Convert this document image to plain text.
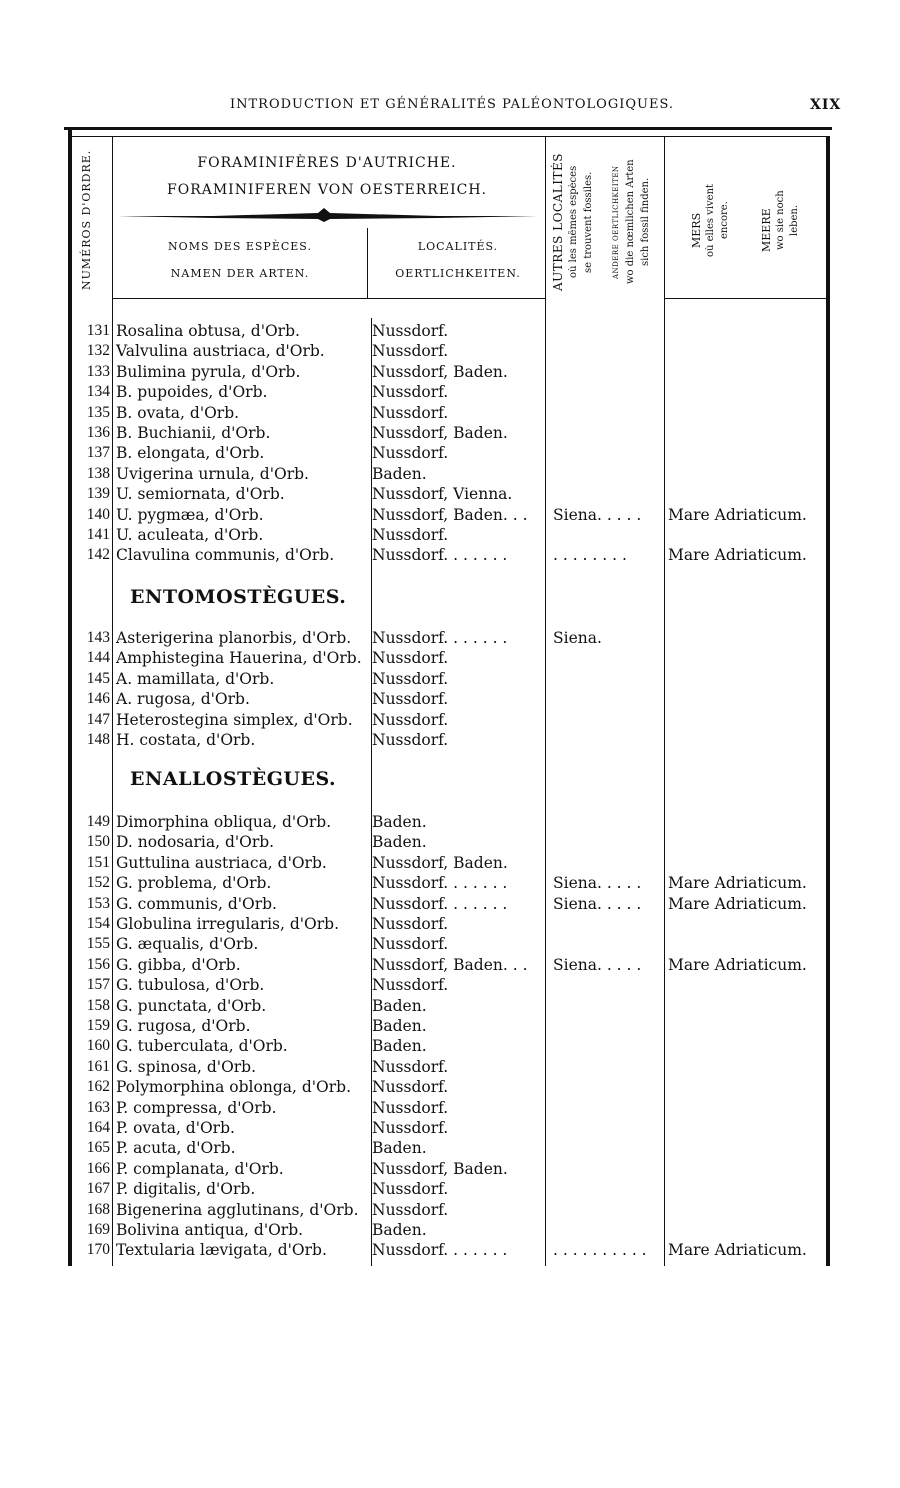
INTRODUCTION ET GÉNÉRALITÉS PALÉONTOLOGIQUES.	XIX
NUMÉROS D'ORDRE.	FORAMINIFÈRES D'AUTRICHE.
FORAMINIFEREN VON OESTERREICH.
NOMS DES ESPÈCES.
NAMEN DER ARTEN.
LOCALITÉS.
OERTLICHKEITEN.	AUTRES LOCALITÉS où les mêmes espèces se trouvent fossiles.	ANDERE OERTLICHKEITEN wo die nœmlichen Arten sich fossil finden.	MERS où elles vivent encore.	MEERE wo sie noch leben.
ENTOMOSTÈGUES.
ENALLOSTÈGUES.
131 Rosalina obtusa, d'Orb.	Nussdorf.
132 Valvulina austriaca, d'Orb.	Nussdorf.
133 Bulimina pyrula, d'Orb.	Nussdorf, Baden.
134 B. pupoides, d'Orb.	Nussdorf.
135 B. ovata, d'Orb.	Nussdorf.
136 B. Buchianii, d'Orb.	Nussdorf, Baden.
137 B. elongata, d'Orb.	Nussdorf.
138 Uvigerina urnula, d'Orb.	Baden.
139 U. semiornata, d'Orb.	Nussdorf, Vienna.
140 U. pygmæa, d'Orb.	Nussdorf, Baden. . .	Siena. . . . .	Mare Adriaticum.
141 U. aculeata, d'Orb.	Nussdorf.
142 Clavulina communis, d'Orb.	Nussdorf. . . . . . .	. . . . . . . .	Mare Adriaticum.
143 Asterigerina planorbis, d'Orb.	Nussdorf. . . . . . .	Siena.
144 Amphistegina Hauerina, d'Orb. Nussdorf.
145 A. mamillata, d'Orb.	Nussdorf.
146 A. rugosa, d'Orb.	Nussdorf.
147 Heterostegina simplex, d'Orb.	Nussdorf.
148 H. costata, d'Orb.	Nussdorf.
149 Dimorphina obliqua, d'Orb.	Baden.
150 D. nodosaria, d'Orb.	Baden.
151 Guttulina austriaca, d'Orb.	Nussdorf, Baden.
152 G. problema, d'Orb.	Nussdorf. . . . . . .	Siena. . . . .	Mare Adriaticum.
153 G. communis, d'Orb.	Nussdorf. . . . . . .	Siena. . . . .	Mare Adriaticum.
154 Globulina irregularis, d'Orb.	Nussdorf.
155 G. æqualis, d'Orb.	Nussdorf.
156 G. gibba, d'Orb.	Nussdorf, Baden. . .	Siena. . . . .	Mare Adriaticum.
157 G. tubulosa, d'Orb.	Nussdorf.
158 G. punctata, d'Orb.	Baden.
159 G. rugosa, d'Orb.	Baden.
160 G. tuberculata, d'Orb.	Baden.
161 G. spinosa, d'Orb.	Nussdorf.
162 Polymorphina oblonga, d'Orb.	Nussdorf.
163 P. compressa, d'Orb.	Nussdorf.
164 P. ovata, d'Orb.	Nussdorf.
165 P. acuta, d'Orb.	Baden.
166 P. complanata, d'Orb.	Nussdorf, Baden.
167 P. digitalis, d'Orb.	Nussdorf.
168 Bigenerina agglutinans, d'Orb. Nussdorf.
169 Bolivina antiqua, d'Orb.	Baden.
170 Textularia lævigata, d'Orb.	Nussdorf. . . . . . .	. . . . . . . . . .	Mare Adriaticum.
